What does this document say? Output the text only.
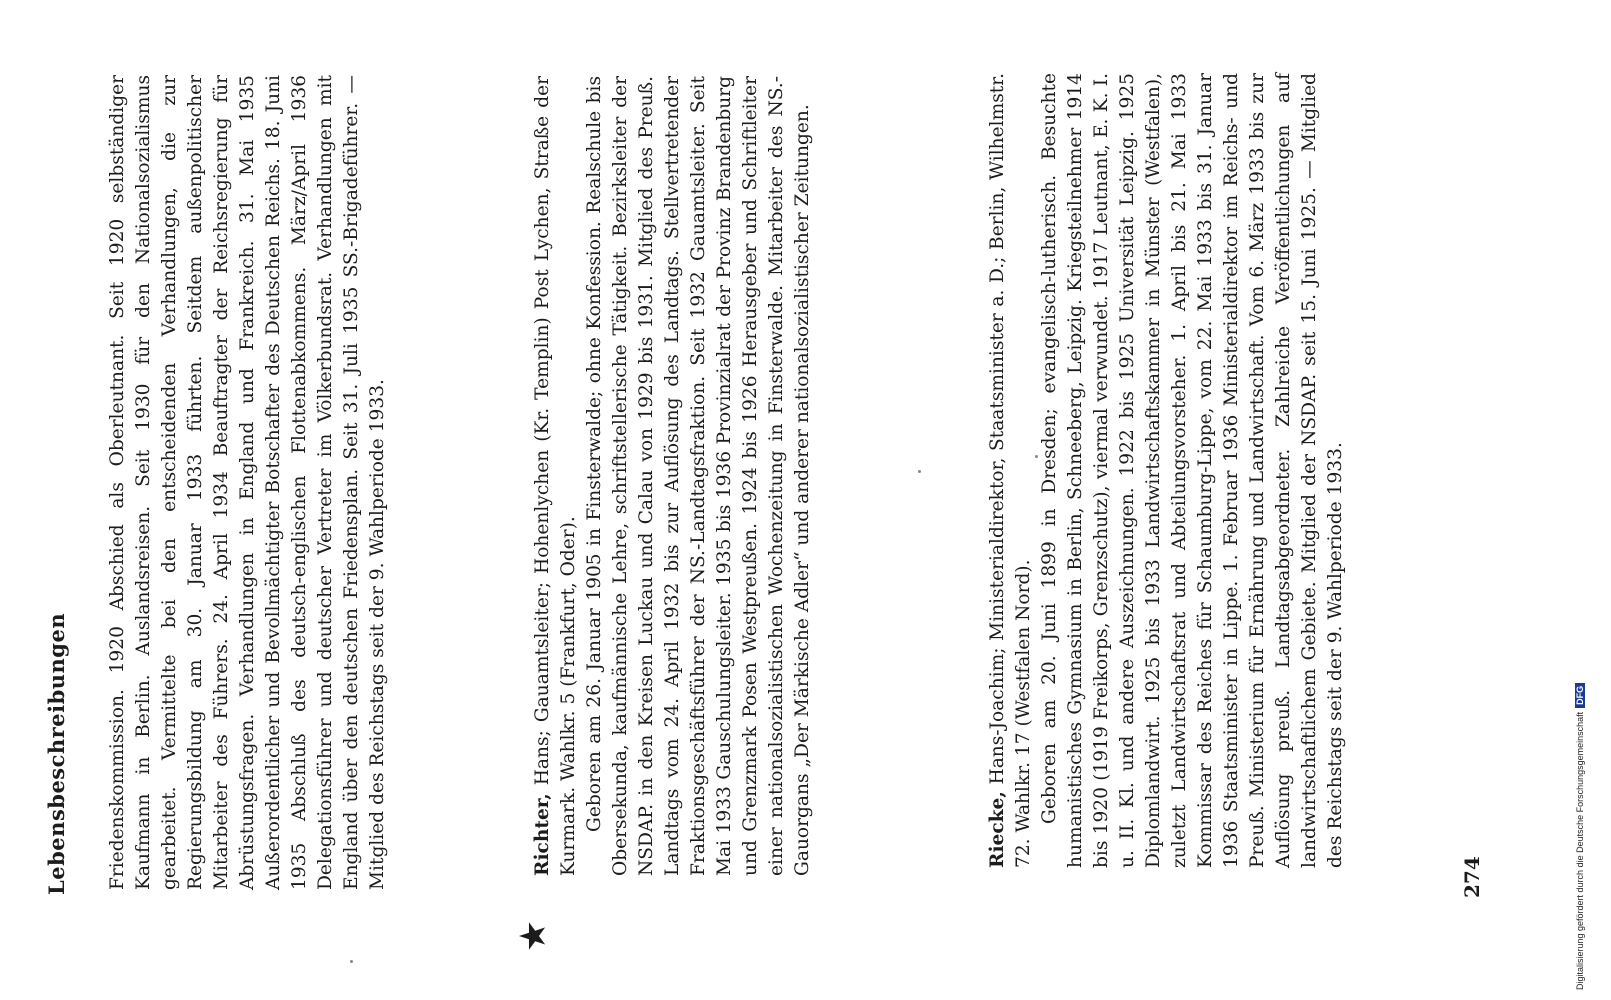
Lebensbeschreibungen Friedenskommission. 1920 Abschied als Oberleutnant. Seit 1920 selbständiger Kaufmann in Berlin. Auslandsreisen. Seit 1930 für den Nationalsozialismus gearbeitet. Vermittelte bei den entscheidenden Verhandlungen, die zur Regierungsbildung am 30. Januar 1933 führten. Seitdem außenpolitischer Mitarbeiter des Führers. 24. April 1934 Beauftragter der Reichsregierung für Abrüstungsfragen. Verhandlungen in England und Frankreich. 31. Mai 1935 Außerordentlicher und Bevollmächtigter Botschafter des Deutschen Reichs. 18. Juni 1935 Abschluß des deutsch-englischen Flottenabkommens. März/April 1936 Delegationsführer und deutscher Vertreter im Völkerbundsrat. Verhandlungen mit England über den deutschen Friedensplan. Seit 31. Juli 1935 SS.-Brigadeführer. — Mitglied des Reichstags seit der 9. Wahlperiode 1933.
★
Richter, Hans; Gauamtsleiter; Hohenlychen (Kr. Templin) Post Lychen, Straße der Kurmark. Wahlkr. 5 (Frankfurt, Oder). Geboren am 26. Januar 1905 in Finsterwalde; ohne Konfession. Realschule bis Obersekunda, kaufmännische Lehre, schriftstellerische Tätigkeit. Bezirksleiter der NSDAP. in den Kreisen Luckau und Calau von 1929 bis 1931. Mitglied des Preuß. Landtags vom 24. April 1932 bis zur Auflösung des Landtags. Stellvertretender Fraktionsgeschäftsführer der NS.-Landtagsfraktion. Seit 1932 Gauamtsleiter. Seit Mai 1933 Gauschulungsleiter. 1935 bis 1936 Provinzialrat der Provinz Brandenburg und Grenzmark Posen Westpreußen. 1924 bis 1926 Herausgeber und Schriftleiter einer nationalsozialistischen Wochenzeitung in Finsterwalde. Mitarbeiter des NS.-Gauorgans „Der Märkische Adler“ und anderer nationalsozialistischer Zeitungen.	Riecke, Hans-Joachim; Ministerialdirektor, Staatsminister a. D.; Berlin, Wilhelmstr. 72. Wahlkr. 17 (Westfalen Nord). Geboren am 20. Juni 1899 in Dresden; evangelisch-lutherisch. Besuchte humanistisches Gymnasium in Berlin, Schneeberg, Leipzig. Kriegsteilnehmer 1914 bis 1920 (1919 Freikorps, Grenzschutz), viermal verwundet. 1917 Leutnant, E. K. I. u. II. Kl. und andere Auszeichnungen. 1922 bis 1925 Universität Leipzig. 1925 Diplomlandwirt. 1925 bis 1933 Landwirtschaftskammer in Münster (Westfalen), zuletzt Landwirtschaftsrat und Abteilungsvorsteher. 1. April bis 21. Mai 1933 Kommissar des Reiches für Schaumburg-Lippe, vom 22. Mai 1933 bis 31. Januar 1936 Staatsminister in Lippe. 1. Februar 1936 Ministerialdirektor im Reichs- und Preuß. Ministerium für Ernährung und Landwirtschaft. Vom 6. März 1933 bis zur Auflösung preuß. Landtagsabgeordneter. Zahlreiche Veröffentlichungen auf landwirtschaftlichem Gebiete. Mitglied der NSDAP. seit 15. Juni 1925. — Mitglied des Reichstags seit der 9. Wahlperiode 1933.
274	Digitalisierung gefördert durch die Deutsche ForschungsgemeinschaftDFG
